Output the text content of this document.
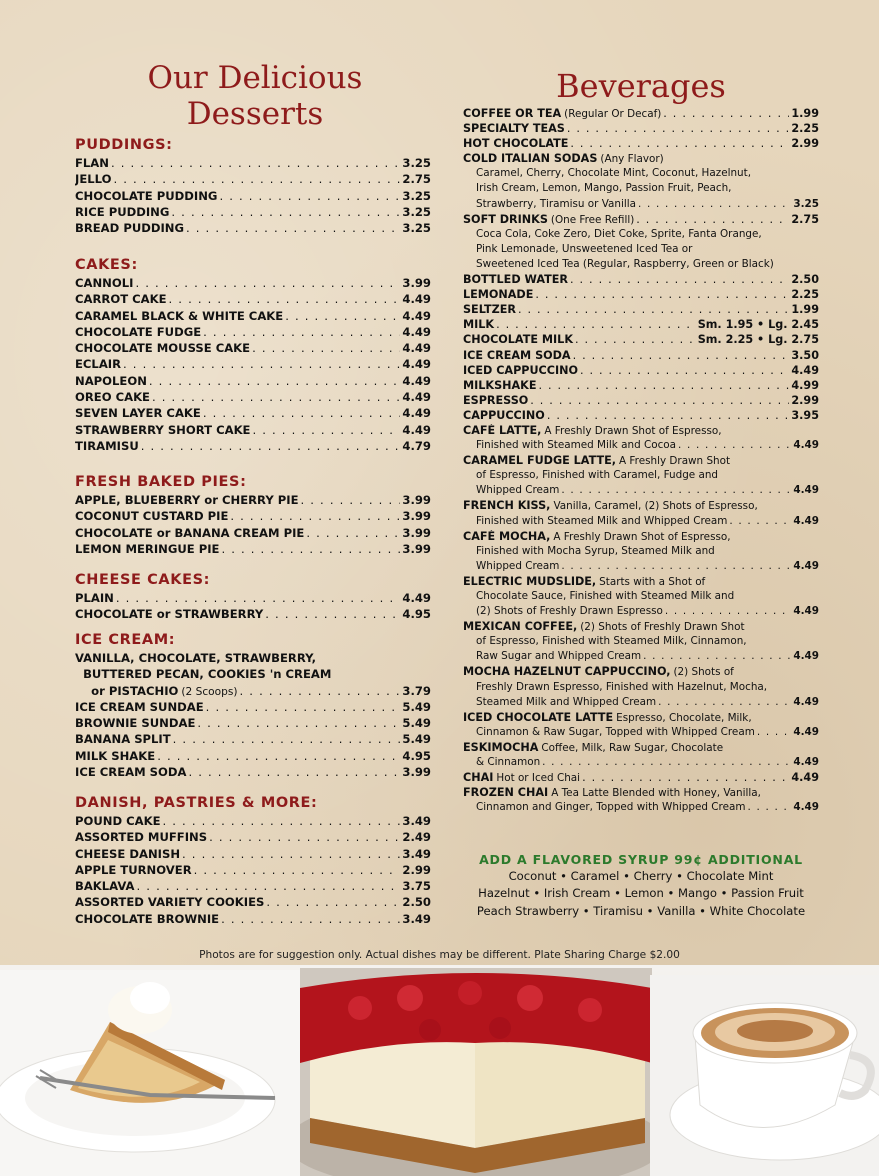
Our Delicious
Desserts
Beverages
PUDDINGS:
FLAN . . .	3.25
JELLO . . .	2.75
CHOCOLATE PUDDING . . .	3.25
RICE PUDDING . . .	3.25
BREAD PUDDING . . .	3.25
CAKES:
CANNOLI . . .	3.99
CARROT CAKE . . .	4.49
CARAMEL BLACK & WHITE CAKE . . .	4.49
CHOCOLATE FUDGE . . .	4.49
CHOCOLATE MOUSSE CAKE . . .	4.49
ECLAIR . . .	4.49
NAPOLEON . . .	4.49
OREO CAKE . . .	4.49
SEVEN LAYER CAKE . . .	4.49
STRAWBERRY SHORT CAKE . . .	4.49
TIRAMISU . . .	4.79
FRESH BAKED PIES:
APPLE, BLUEBERRY or CHERRY PIE . . .	3.99
COCONUT CUSTARD PIE . . .	3.99
CHOCOLATE or BANANA CREAM PIE . . .	3.99
LEMON MERINGUE PIE . . .	3.99
CHEESE CAKES:
PLAIN . . .	4.49
CHOCOLATE or STRAWBERRY . . .	4.95
ICE CREAM:
VANILLA, CHOCOLATE, STRAWBERRY,
BUTTERED PECAN, COOKIES 'n CREAM
or PISTACHIO (2 Scoops) . . .	3.79
ICE CREAM SUNDAE . . .	5.49
BROWNIE SUNDAE . . .	5.49
BANANA SPLIT . . .	5.49
MILK SHAKE . . .	4.95
ICE CREAM SODA . . .	3.99
DANISH, PASTRIES & MORE:
POUND CAKE . . .	3.49
ASSORTED MUFFINS . . .	2.49
CHEESE DANISH . . .	3.49
APPLE TURNOVER . . .	2.99
BAKLAVA . . .	3.75
ASSORTED VARIETY COOKIES . . .	2.50
CHOCOLATE BROWNIE . . .	3.49
COFFEE OR TEA (Regular Or Decaf) . . .	1.99
SPECIALTY TEAS . . .	2.25
HOT CHOCOLATE . . .	2.99
COLD ITALIAN SODAS (Any Flavor)
Caramel, Cherry, Chocolate Mint, Coconut, Hazelnut,
Irish Cream, Lemon, Mango, Passion Fruit, Peach,
Strawberry, Tiramisu or Vanilla . . .	3.25
SOFT DRINKS (One Free Refill) . . .	2.75
Coca Cola, Coke Zero, Diet Coke, Sprite, Fanta Orange,
Pink Lemonade, Unsweetened Iced Tea or
Sweetened Iced Tea (Regular, Raspberry, Green or Black)
BOTTLED WATER . . .	2.50
LEMONADE . . .	2.25
SELTZER . . .	1.99
MILK . . .	Sm. 1.95 • Lg. 2.45
CHOCOLATE MILK . . .	Sm. 2.25 • Lg. 2.75
ICE CREAM SODA . . .	3.50
ICED CAPPUCCINO . . .	4.49
MILKSHAKE . . .	4.99
ESPRESSO . . .	2.99
CAPPUCCINO . . .	3.95
CAFÉ LATTE, A Freshly Drawn Shot of Espresso,
Finished with Steamed Milk and Cocoa . . .	4.49
CARAMEL FUDGE LATTE, A Freshly Drawn Shot
of Espresso, Finished with Caramel, Fudge and
Whipped Cream . . .	4.49
FRENCH KISS, Vanilla, Caramel, (2) Shots of Espresso,
Finished with Steamed Milk and Whipped Cream . . .	4.49
CAFÉ MOCHA, A Freshly Drawn Shot of Espresso,
Finished with Mocha Syrup, Steamed Milk and
Whipped Cream . . .	4.49
ELECTRIC MUDSLIDE, Starts with a Shot of
Chocolate Sauce, Finished with Steamed Milk and
(2) Shots of Freshly Drawn Espresso . . .	4.49
MEXICAN COFFEE, (2) Shots of Freshly Drawn Shot
of Espresso, Finished with Steamed Milk, Cinnamon,
Raw Sugar and Whipped Cream . . .	4.49
MOCHA HAZELNUT CAPPUCCINO, (2) Shots of
Freshly Drawn Espresso, Finished with Hazelnut, Mocha,
Steamed Milk and Whipped Cream . . .	4.49
ICED CHOCOLATE LATTE Espresso, Chocolate, Milk,
Cinnamon & Raw Sugar, Topped with Whipped Cream . . .	4.49
ESKIMOCHA Coffee, Milk, Raw Sugar, Chocolate
& Cinnamon . . .	4.49
CHAI Hot or Iced Chai . . .	4.49
FROZEN CHAI A Tea Latte Blended with Honey, Vanilla,
Cinnamon and Ginger, Topped with Whipped Cream . . .	4.49

ADD A FLAVORED SYRUP 99¢ ADDITIONAL

Coconut • Caramel • Cherry • Chocolate Mint

Hazelnut • Irish Cream • Lemon • Mango • Passion Fruit

Peach Strawberry • Tiramisu • Vanilla • White Chocolate

Photos are for suggestion only. Actual dishes may be different. Plate Sharing Charge $2.00
